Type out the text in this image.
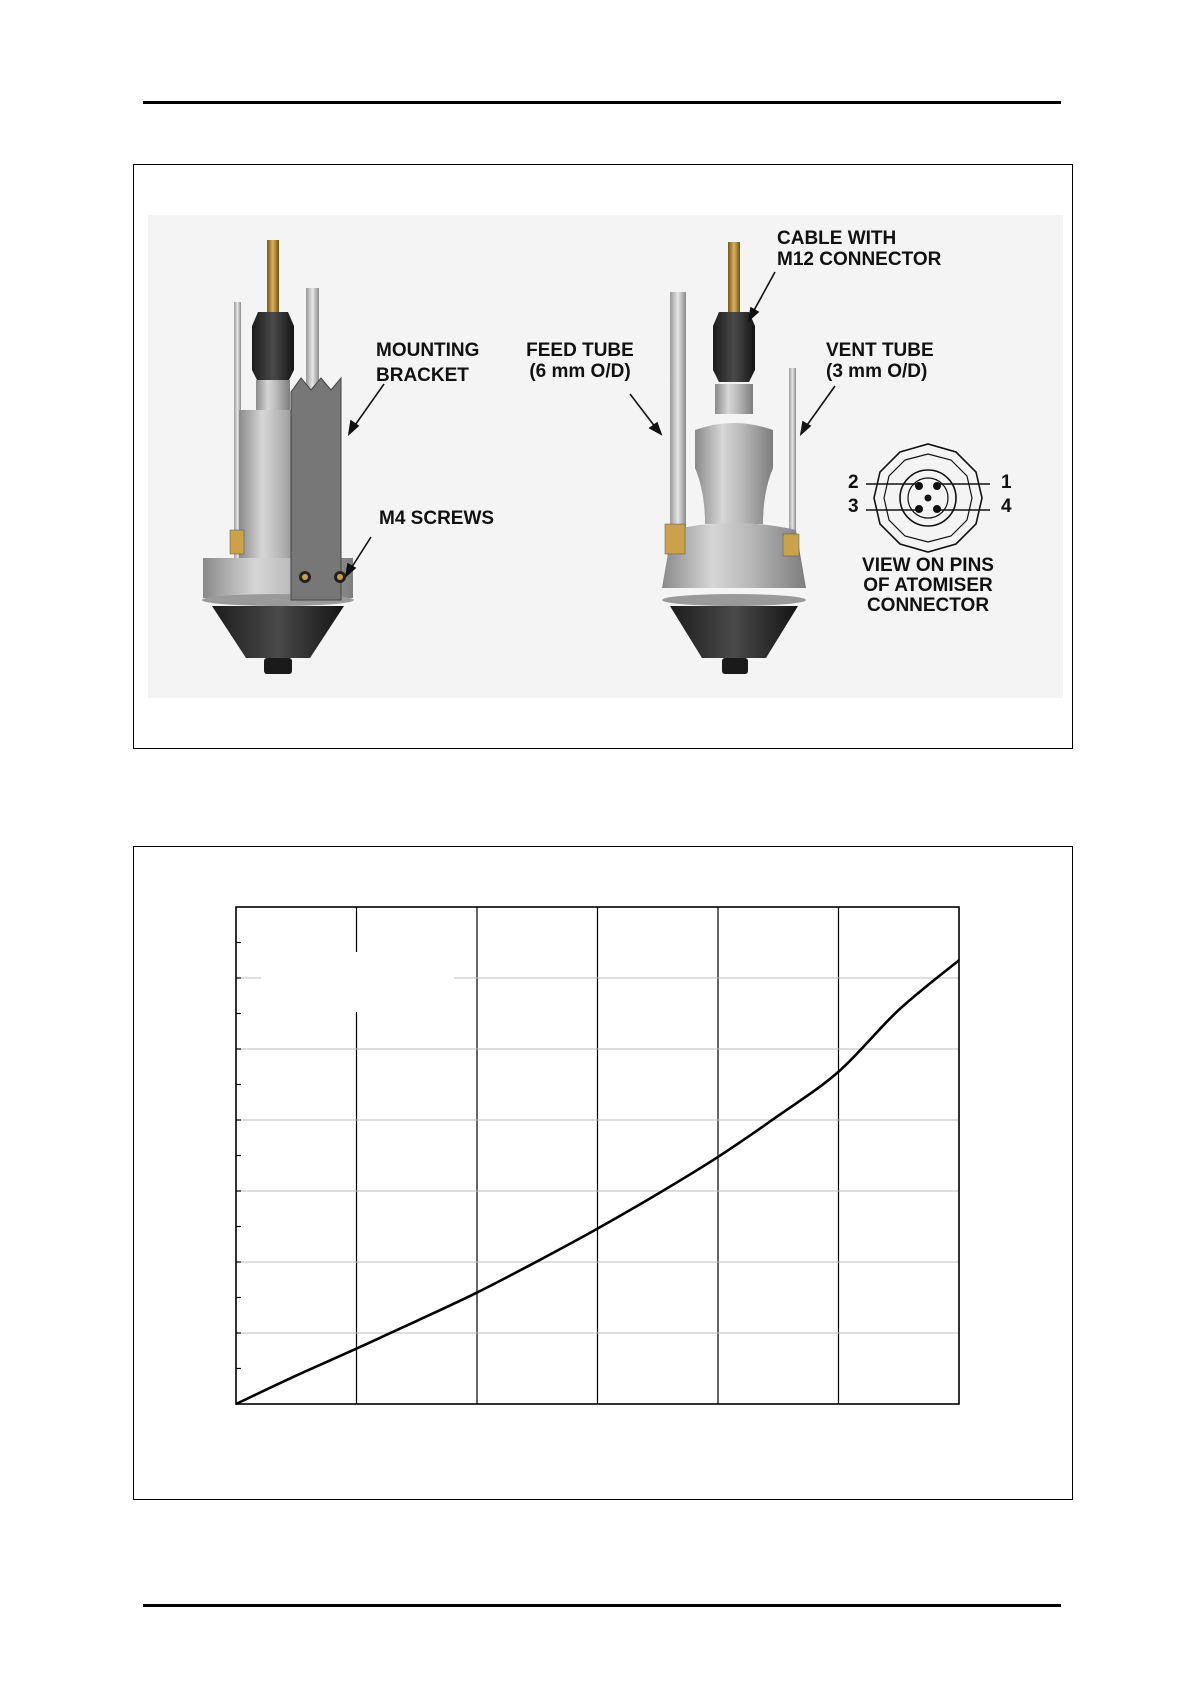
MOUNTING
BRACKET
M4 SCREWS
FEED TUBE
(6 mm O/D)
CABLE WITH
M12 CONNECTOR
VENT TUBE
(3 mm O/D)
VIEW ON PINS
OF ATOMISER
CONNECTOR
1
2
3	4
